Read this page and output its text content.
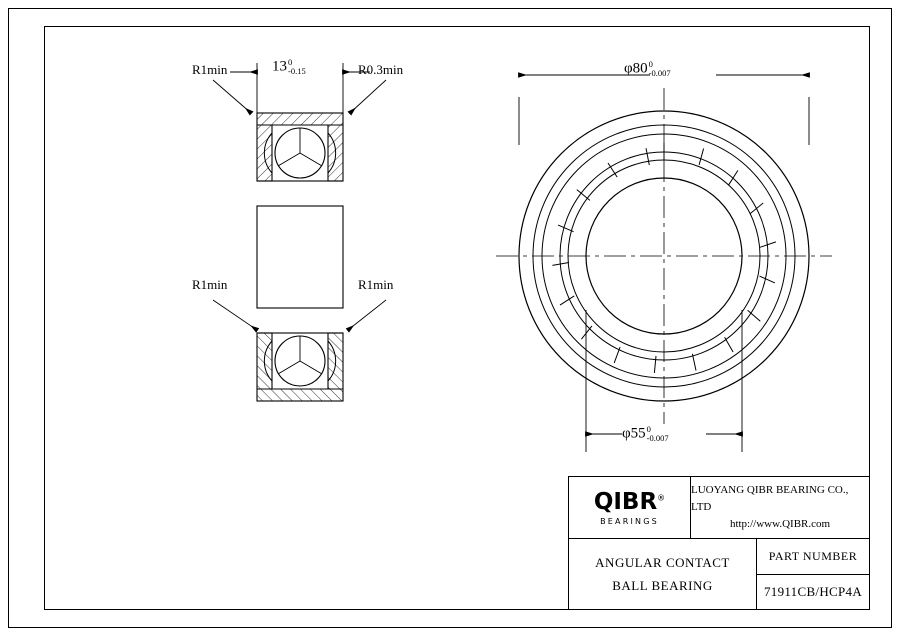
R1min	13 0
-0.15	R0.3min
R1min	R1min
φ80 0
-0.007
φ55 0
-0.007
QIBR®
BEARINGS
LUOYANG QIBR BEARING CO., LTD
http://www.QIBR.com
ANGULAR CONTACT
BALL BEARING
PART NUMBER
71911CB/HCP4A
